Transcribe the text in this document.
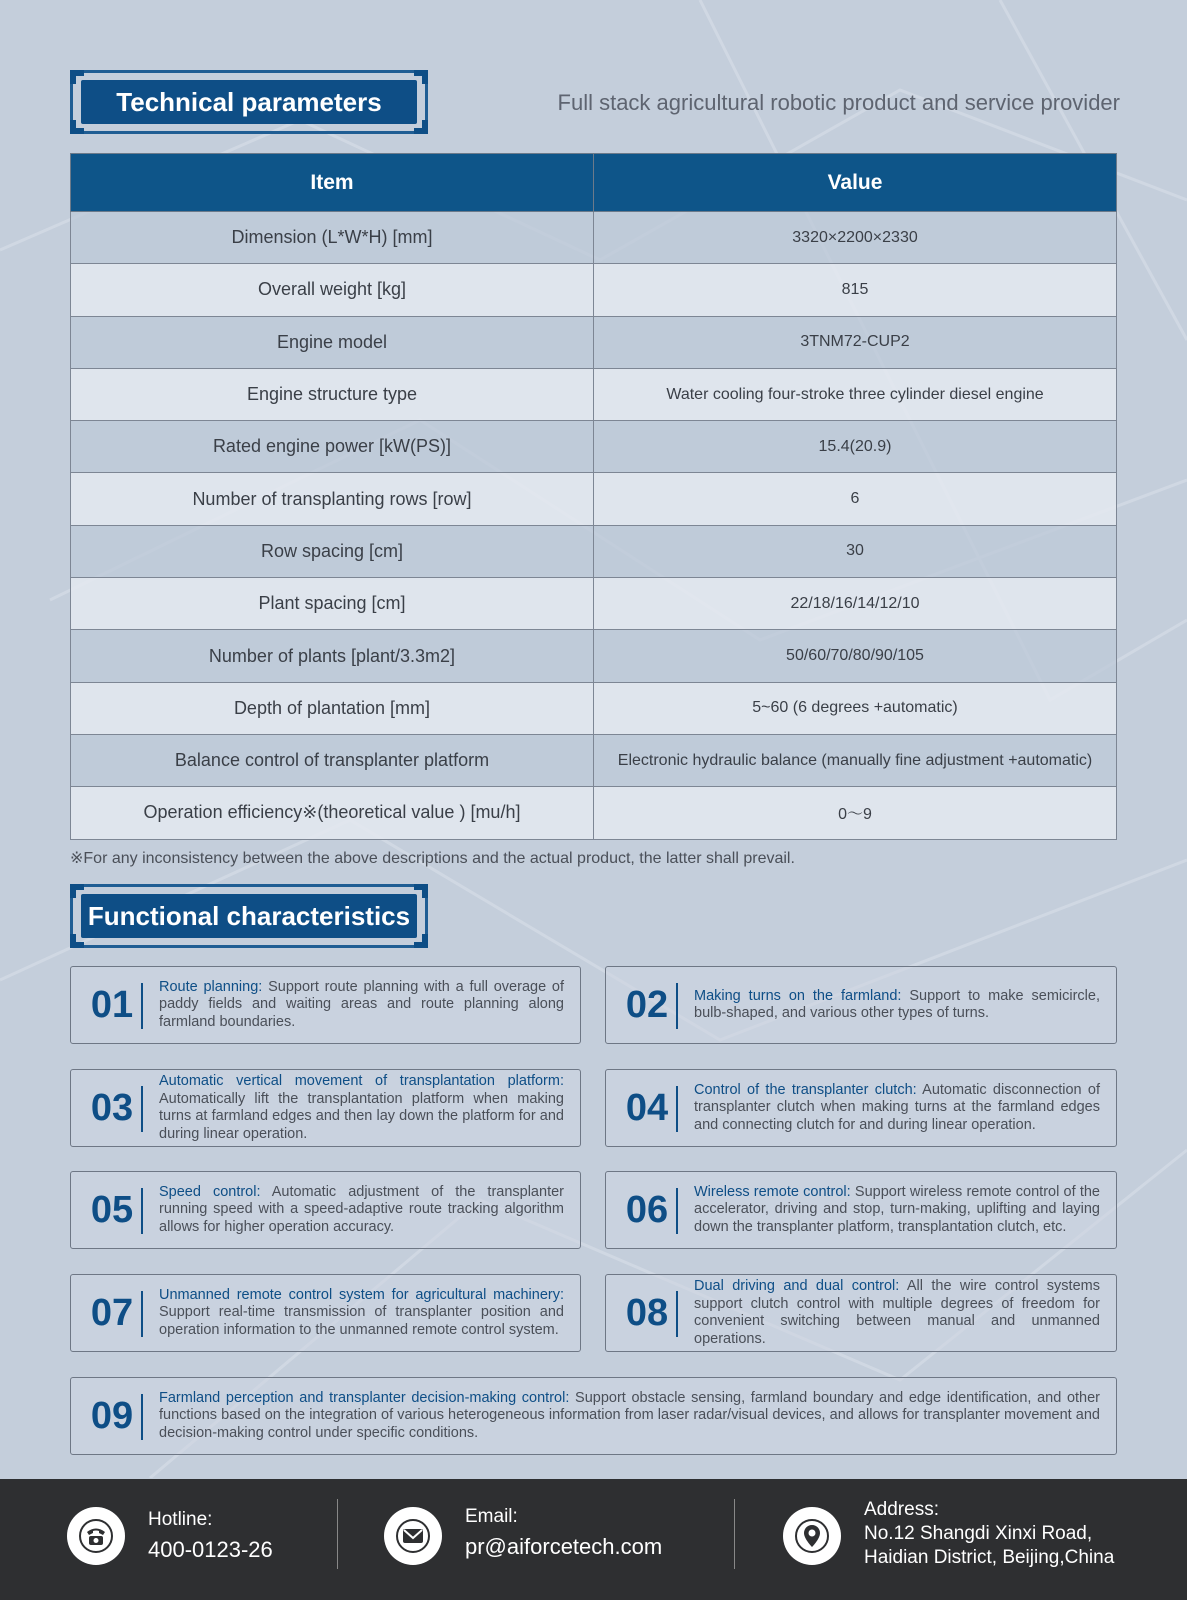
Technical parameters	Full stack agricultural robotic product and service provider
Item	Value
Dimension (L*W*H) [mm]	3320×2200×2330
Overall weight [kg]	815
Engine model	3TNM72-CUP2
Engine structure type	Water cooling four-stroke three cylinder diesel engine
Rated engine power [kW(PS)]	15.4(20.9)
Number of transplanting rows [row]	6
Row spacing [cm]	30
Plant spacing [cm]	22/18/16/14/12/10
Number of plants [plant/3.3m2]	50/60/70/80/90/105
Depth of plantation [mm]	5~60 (6 degrees +automatic)
Balance control of transplanter platform	Electronic hydraulic balance (manually fine adjustment +automatic)
Operation efficiency※(theoretical value ) [mu/h]	0〜9
※For any inconsistency between the above descriptions and the actual product, the latter shall prevail.
Functional characteristics
01	Route planning: Support route planning with a full overage of paddy fields and waiting areas and route planning along farmland boundaries.	02	Making turns on the farmland: Support to make semicircle, bulb-shaped, and various other types of turns.
03
Automatic vertical movement of transplantation platform: Automatically lift the transplantation platform when making turns at farmland edges and then lay down the platform for and during linear operation.
04	Control of the transplanter clutch: Automatic disconnection of transplanter clutch when making turns at the farmland edges and connecting clutch for and during linear operation.
05	Speed control: Automatic adjustment of the transplanter running speed with a speed-adaptive route tracking algorithm allows for higher operation accuracy.	06	Wireless remote control: Support wireless remote control of the accelerator, driving and stop, turn-making, uplifting and laying down the transplanter platform, transplantation clutch, etc.
07	Unmanned remote control system for agricultural machinery: Support real-time transmission of transplanter position and operation information to the unmanned remote control system. 08
Dual driving and dual control: All the wire control systems support clutch control with multiple degrees of freedom for convenient switching between manual and unmanned operations.
09	Farmland perception and transplanter decision-making control: Support obstacle sensing, farmland boundary and edge identification, and other functions based on the integration of various heterogeneous information from laser radar/visual devices, and allows for transplanter movement and decision-making control under specific conditions.
Hotline:
400-0123-26
Email:
pr@aiforcetech.com
Address:
No.12 Shangdi Xinxi Road,
Haidian District, Beijing,China
